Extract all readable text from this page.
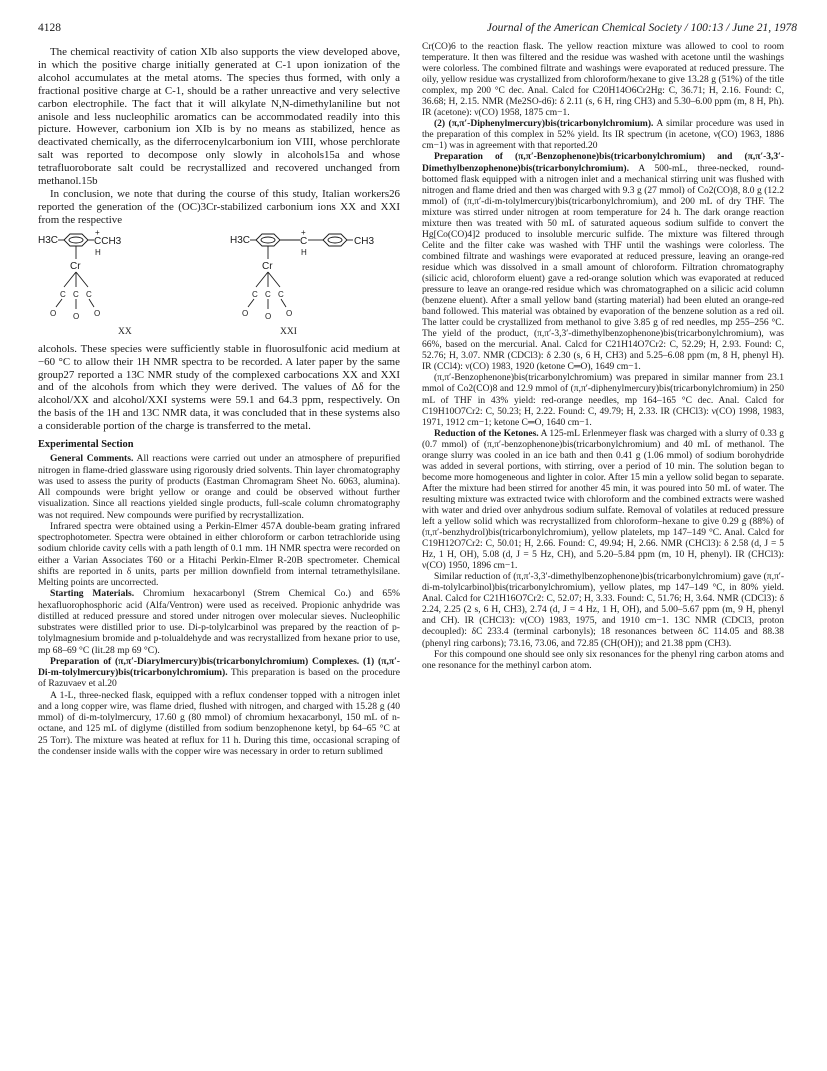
4128	Journal of the American Chemical Society / 100:13 / June 21, 1978

The chemical reactivity of cation XIb also supports the view developed above, in which the positive charge initially generated at C-1 upon ionization of the alcohol accumulates at the metal atoms. The species thus formed, with only a fractional positive charge at C-1, should be a rather unreactive and very selective carbon electrophile. The fact that it will alkylate N,N-dimethylaniline but not anisole and less nucleophilic aromatics can be accommodated readily into this picture. However, carbonium ion XIb is by no means as stabilized, hence as deactivated chemically, as the diferrocenylcarbonium ion VIII, whose perchlorate salt was reported to decompose only slowly in alcohols15a and whose tetrafluoroborate salt could be recrystallized and recovered unchanged from methanol.15b

In conclusion, we note that during the course of this study, Italian workers26 reported the generation of the (OC)3Cr-stabilized carbonium ions XX and XXI from the respective

H3C
+
CCH3
H
Cr
C C C
O O O
H3C
+
C
H
CH3
Cr
C C C
O O O
XX	XXI

alcohols. These species were sufficiently stable in fluorosulfonic acid medium at −60 °C to allow their 1H NMR spectra to be recorded. A later paper by the same group27 reported a 13C NMR study of the complexed carbocations XX and XXI and of the alcohols from which they were derived. The values of Δδ for the alcohol/XX and alcohol/XXI systems were 59.1 and 64.3 ppm, respectively. On the basis of the 1H and 13C NMR data, it was concluded that in these systems also a considerable portion of the charge is transferred to the metal.

Experimental Section

General Comments. All reactions were carried out under an atmosphere of prepurified nitrogen in flame-dried glassware using rigorously dried solvents. Thin layer chromatography was used to assess the purity of products (Eastman Chromagram Sheet No. 6063, alumina). All compounds were bright yellow or orange and could be observed without further visualization. Since all reactions yielded single products, full-scale column chromatography was not required. New compounds were purified by recrystallization.

Infrared spectra were obtained using a Perkin-Elmer 457A double-beam grating infrared spectrophotometer. Spectra were obtained in either chloroform or carbon tetrachloride using sodium chloride cavity cells with a path length of 0.1 mm. 1H NMR spectra were recorded on either a Varian Associates T60 or a Hitachi Perkin-Elmer R-20B spectrometer. Chemical shifts are reported in δ units, parts per million downfield from internal tetramethylsilane. Melting points are uncorrected.

Starting Materials. Chromium hexacarbonyl (Strem Chemical Co.) and 65% hexafluorophosphoric acid (Alfa/Ventron) were used as received. Propionic anhydride was distilled at reduced pressure and stored under nitrogen over molecular sieves. Nucleophilic substrates were distilled prior to use. Di-p-tolylcarbinol was prepared by the reaction of p-tolylmagnesium bromide and p-tolualdehyde and was recrystallized from hexane prior to use, mp 68–69 °C (lit.28 mp 69 °C).

Preparation of (π,π′-Diarylmercury)bis(tricarbonylchromium) Complexes. (1) (π,π′-Di-m-tolylmercury)bis(tricarbonylchromium). This preparation is based on the procedure of Razuvaev et al.20

A 1-L, three-necked flask, equipped with a reflux condenser topped with a nitrogen inlet and a long copper wire, was flame dried, flushed with nitrogen, and charged with 15.28 g (40 mmol) of di-m-tolylmercury, 17.60 g (80 mmol) of chromium hexacarbonyl, 150 mL of n-octane, and 125 mL of diglyme (distilled from sodium benzophenone ketyl, bp 64–65 °C at 25 Torr). The mixture was heated at reflux for 11 h. During this time, occasional scraping of the condenser inside walls with the copper wire was necessary in order to return sublimed

Cr(CO)6 to the reaction flask. The yellow reaction mixture was allowed to cool to room temperature. It then was filtered and the residue was washed with acetone until the washings were colorless. The combined filtrate and washings were evaporated at reduced pressure. The oily, yellow residue was crystallized from chloroform/hexane to give 13.28 g (51%) of the title complex, mp 200 °C dec. Anal. Calcd for C20H14O6Cr2Hg: C, 36.71; H, 2.16. Found: C, 36.68; H, 2.15. NMR (Me2SO-d6): δ 2.11 (s, 6 H, ring CH3) and 5.30–6.00 ppm (m, 8 H, Ph). IR (acetone): ν(CO) 1958, 1875 cm−1.

(2) (π,π′-Diphenylmercury)bis(tricarbonylchromium). A similar procedure was used in the preparation of this complex in 52% yield. Its IR spectrum (in acetone, ν(CO) 1963, 1886 cm−1) was in agreement with that reported.20

Preparation of (π,π′-Benzophenone)bis(tricarbonylchromium) and (π,π′-3,3′-Dimethylbenzophenone)bis(tricarbonylchromium). A 500-mL, three-necked, round-bottomed flask equipped with a nitrogen inlet and a mechanical stirring unit was flushed with nitrogen and flame dried and then was charged with 9.3 g (27 mmol) of Co2(CO)8, 8.0 g (12.2 mmol) of (π,π′-di-m-tolylmercury)bis(tricarbonylchromium), and 200 mL of dry THF. The mixture was stirred under nitrogen at room temperature for 24 h. The dark orange reaction mixture then was treated with 50 mL of saturated aqueous sodium sulfide to convert the Hg[Co(CO)4]2 produced to insoluble mercuric sulfide. The mixture was filtered through Celite and the filter cake was washed with THF until the washings were colorless. The combined filtrate and washings were evaporated at reduced pressure, leaving an orange-red residue which was dissolved in a small amount of chloroform. Filtration chromatography (silicic acid, chloroform eluent) gave a red-orange solution which was evaporated at reduced pressure to leave an orange-red residue which was chromatographed on a silicic acid column (benzene eluent). After a small yellow band (starting material) had been eluted an orange-red band followed. This material was obtained by evaporation of the benzene solution as a red oil. The latter could be crystallized from methanol to give 3.85 g of red needles, mp 255–256 °C. The yield of the product, (π,π′-3,3′-dimethylbenzophenone)bis(tricarbonylchromium), was 66%, based on the mercurial. Anal. Calcd for C21H14O7Cr2: C, 52.29; H, 2.93. Found: C, 52.76; H, 3.07. NMR (CDCl3): δ 2.30 (s, 6 H, CH3) and 5.25–6.08 ppm (m, 8 H, phenyl H). IR (CCl4): ν(CO) 1983, 1920 (ketone C═O), 1649 cm−1.

(π,π′-Benzophenone)bis(tricarbonylchromium) was prepared in similar manner from 23.1 mmol of Co2(CO)8 and 12.9 mmol of (π,π′-diphenylmercury)bis(tricarbonylchromium) in 250 mL of THF in 43% yield: red-orange needles, mp 164–165 °C dec. Anal. Calcd for C19H10O7Cr2: C, 50.23; H, 2.22. Found: C, 49.79; H, 2.33. IR (CHCl3): ν(CO) 1998, 1983, 1971, 1912 cm−1; ketone C═O, 1640 cm−1.

Reduction of the Ketones. A 125-mL Erlenmeyer flask was charged with a slurry of 0.33 g (0.7 mmol) of (π,π′-benzophenone)bis(tricarbonylchromium) and 40 mL of methanol. The orange slurry was cooled in an ice bath and then 0.41 g (1.06 mmol) of sodium borohydride was added in several portions, with stirring, over a period of 10 min. The solution began to become more homogeneous and lighter in color. After 15 min a yellow solid began to separate. After the mixture had been stirred for another 45 min, it was poured into 50 mL of water. The resulting mixture was extracted twice with chloroform and the combined extracts were washed with water and dried over anhydrous sodium sulfate. Removal of volatiles at reduced pressure left a yellow solid which was recrystallized from chloroform–hexane to give 0.29 g (88%) of (π,π′-benzhydrol)bis(tricarbonylchromium), yellow platelets, mp 147–149 °C. Anal. Calcd for C19H12O7Cr2: C, 50.01; H, 2.66. Found: C, 49.94; H, 2.66. NMR (CHCl3): δ 2.58 (d, J = 5 Hz, 1 H, OH), 5.08 (d, J = 5 Hz, CH), and 5.20–5.84 ppm (m, 10 H, phenyl). IR (CHCl3): ν(CO) 1950, 1896 cm−1.

Similar reduction of (π,π′-3,3′-dimethylbenzophenone)bis(tricarbonylchromium) gave (π,π′-di-m-tolylcarbinol)bis(tricarbonylchromium), yellow plates, mp 147–149 °C, in 80% yield. Anal. Calcd for C21H16O7Cr2: C, 52.07; H, 3.33. Found: C, 51.76; H, 3.64. NMR (CDCl3): δ 2.24, 2.25 (2 s, 6 H, CH3), 2.74 (d, J = 4 Hz, 1 H, OH), and 5.00–5.67 ppm (m, 9 H, phenyl and CH). IR (CHCl3): ν(CO) 1983, 1975, and 1910 cm−1. 13C NMR (CDCl3, proton decoupled): δC 233.4 (terminal carbonyls); 18 resonances between δC 114.05 and 88.38 (phenyl ring carbons); 73.16, 73.06, and 72.85 (CH(OH)); and 21.38 ppm (CH3).

For this compound one should see only six resonances for the phenyl ring carbon atoms and one resonance for the methinyl carbon atom.
